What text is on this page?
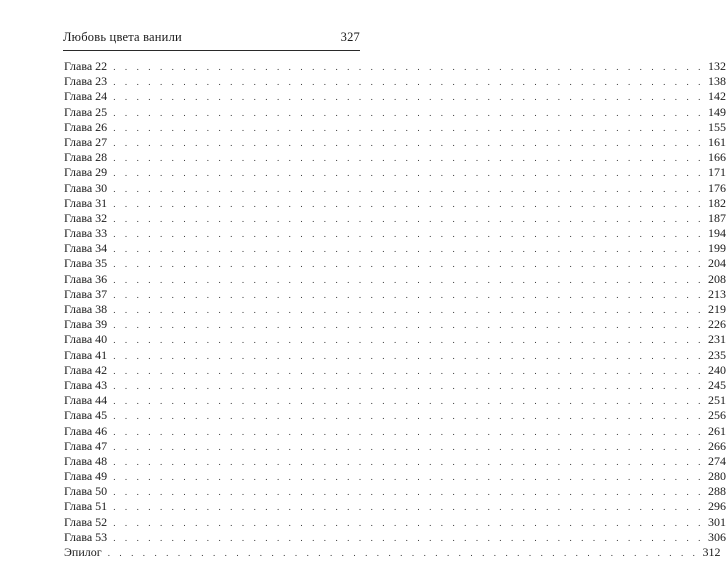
Любовь цвета ванили	327
Глава 22 . . . . . . . . . . . . . . . . . . . . . . . . . . . . . . . . . . . . . . . . . . . . . . . . . . . 132
Глава 23 . . . . . . . . . . . . . . . . . . . . . . . . . . . . . . . . . . . . . . . . . . . . . . . . . . . 138
Глава 24 . . . . . . . . . . . . . . . . . . . . . . . . . . . . . . . . . . . . . . . . . . . . . . . . . . . 142
Глава 25 . . . . . . . . . . . . . . . . . . . . . . . . . . . . . . . . . . . . . . . . . . . . . . . . . . . 149
Глава 26 . . . . . . . . . . . . . . . . . . . . . . . . . . . . . . . . . . . . . . . . . . . . . . . . . . . 155
Глава 27 . . . . . . . . . . . . . . . . . . . . . . . . . . . . . . . . . . . . . . . . . . . . . . . . . . . 161
Глава 28 . . . . . . . . . . . . . . . . . . . . . . . . . . . . . . . . . . . . . . . . . . . . . . . . . . . 166
Глава 29 . . . . . . . . . . . . . . . . . . . . . . . . . . . . . . . . . . . . . . . . . . . . . . . . . . . 171
Глава 30 . . . . . . . . . . . . . . . . . . . . . . . . . . . . . . . . . . . . . . . . . . . . . . . . . . . 176
Глава 31 . . . . . . . . . . . . . . . . . . . . . . . . . . . . . . . . . . . . . . . . . . . . . . . . . . . 182
Глава 32 . . . . . . . . . . . . . . . . . . . . . . . . . . . . . . . . . . . . . . . . . . . . . . . . . . . 187
Глава 33 . . . . . . . . . . . . . . . . . . . . . . . . . . . . . . . . . . . . . . . . . . . . . . . . . . . 194
Глава 34 . . . . . . . . . . . . . . . . . . . . . . . . . . . . . . . . . . . . . . . . . . . . . . . . . . . 199
Глава 35 . . . . . . . . . . . . . . . . . . . . . . . . . . . . . . . . . . . . . . . . . . . . . . . . . . . 204
Глава 36 . . . . . . . . . . . . . . . . . . . . . . . . . . . . . . . . . . . . . . . . . . . . . . . . . . . 208
Глава 37 . . . . . . . . . . . . . . . . . . . . . . . . . . . . . . . . . . . . . . . . . . . . . . . . . . . 213
Глава 38 . . . . . . . . . . . . . . . . . . . . . . . . . . . . . . . . . . . . . . . . . . . . . . . . . . . 219
Глава 39 . . . . . . . . . . . . . . . . . . . . . . . . . . . . . . . . . . . . . . . . . . . . . . . . . . . 226
Глава 40 . . . . . . . . . . . . . . . . . . . . . . . . . . . . . . . . . . . . . . . . . . . . . . . . . . . 231
Глава 41 . . . . . . . . . . . . . . . . . . . . . . . . . . . . . . . . . . . . . . . . . . . . . . . . . . . 235
Глава 42 . . . . . . . . . . . . . . . . . . . . . . . . . . . . . . . . . . . . . . . . . . . . . . . . . . . 240
Глава 43 . . . . . . . . . . . . . . . . . . . . . . . . . . . . . . . . . . . . . . . . . . . . . . . . . . . 245
Глава 44 . . . . . . . . . . . . . . . . . . . . . . . . . . . . . . . . . . . . . . . . . . . . . . . . . . . 251
Глава 45 . . . . . . . . . . . . . . . . . . . . . . . . . . . . . . . . . . . . . . . . . . . . . . . . . . . 256
Глава 46 . . . . . . . . . . . . . . . . . . . . . . . . . . . . . . . . . . . . . . . . . . . . . . . . . . . 261
Глава 47 . . . . . . . . . . . . . . . . . . . . . . . . . . . . . . . . . . . . . . . . . . . . . . . . . . . 266
Глава 48 . . . . . . . . . . . . . . . . . . . . . . . . . . . . . . . . . . . . . . . . . . . . . . . . . . . 274
Глава 49 . . . . . . . . . . . . . . . . . . . . . . . . . . . . . . . . . . . . . . . . . . . . . . . . . . . 280
Глава 50 . . . . . . . . . . . . . . . . . . . . . . . . . . . . . . . . . . . . . . . . . . . . . . . . . . . 288
Глава 51 . . . . . . . . . . . . . . . . . . . . . . . . . . . . . . . . . . . . . . . . . . . . . . . . . . . 296
Глава 52 . . . . . . . . . . . . . . . . . . . . . . . . . . . . . . . . . . . . . . . . . . . . . . . . . . . 301
Глава 53 . . . . . . . . . . . . . . . . . . . . . . . . . . . . . . . . . . . . . . . . . . . . . . . . . . . 306
Эпилог . . . . . . . . . . . . . . . . . . . . . . . . . . . . . . . . . . . . . . . . . . . . . . . . . . . 312
